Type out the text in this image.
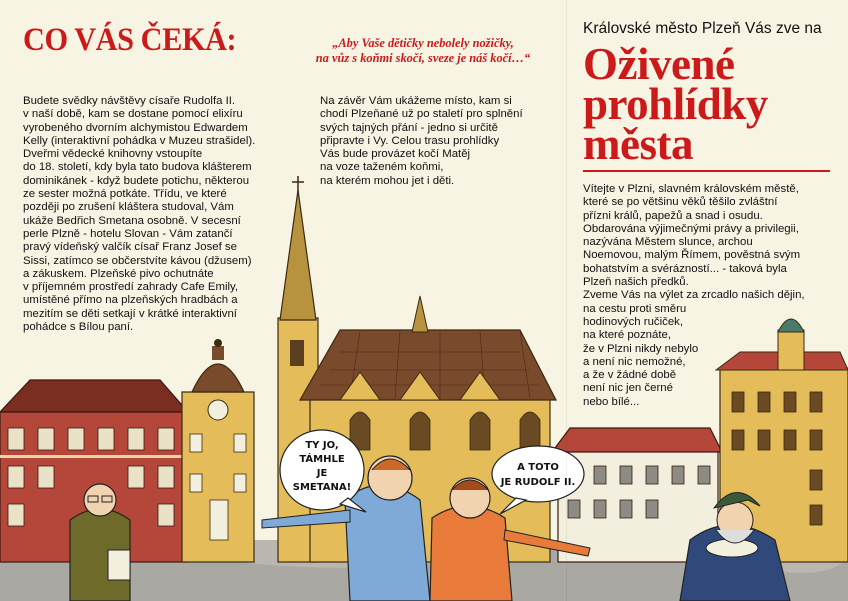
TY JO,
TÁMHLE
JE
SMETANA!
A TOTO
JE RUDOLF II.
CO VÁS ČEKÁ:
Budete svědky návštěvy císaře Rudolfa II.
v naší době, kam se dostane pomocí elixíru
vyrobeného dvorním alchymistou Edwardem
Kelly (interaktivní pohádka v Muzeu strašidel).
Dveřmi vědecké knihovny vstoupíte
do 18. století, kdy byla tato budova klášterem
dominikánek - když budete potichu, některou
ze sester možná potkáte. Třídu, ve které
později po zrušení kláštera studoval, Vám
ukáže Bedřich Smetana osobně. V secesní
perle Plzně - hotelu Slovan - Vám zatančí
pravý vídeňský valčík císař Franz Josef se
Sissi, zatímco se občerstvíte kávou (džusem)
a zákuskem. Plzeňské pivo ochutnáte
v příjemném prostředí zahrady Cafe Emily,
umístěné přímo na plzeňských hradbách a
mezitím se děti setkají v krátké interaktivní
pohádce s Bílou paní.
„Aby Vaše dětičky nebolely nožičky,
na vůz s koňmi skočí, sveze je náš kočí…“
Na závěr Vám ukážeme místo, kam si
chodí Plzeňané už po staletí pro splnění
svých tajných přání - jedno si určitě
připravte i Vy. Celou trasu prohlídky
Vás bude provázet kočí Matěj
na voze taženém koňmi,
na kterém mohou jet i děti.
Královské město Plzeň Vás zve na
Oživené
prohlídky
města
Vítejte v Plzni, slavném královském městě,
které se po většinu věků těšilo zvláštní
přízni králů, papežů a snad i osudu.
Obdarována výjimečnými právy a privilegii,
nazývána Městem slunce, archou
Noemovou, malým Římem, pověstná svým
bohatstvím a svérázností... - taková byla
Plzeň našich předků.
Zveme Vás na výlet za zrcadlo našich dějin,
na cestu proti směru
hodinových ručiček,
na které poznáte,
že v Plzni nikdy nebylo
a není nic nemožné,
a že v žádné době
není nic jen černé
nebo bílé...
